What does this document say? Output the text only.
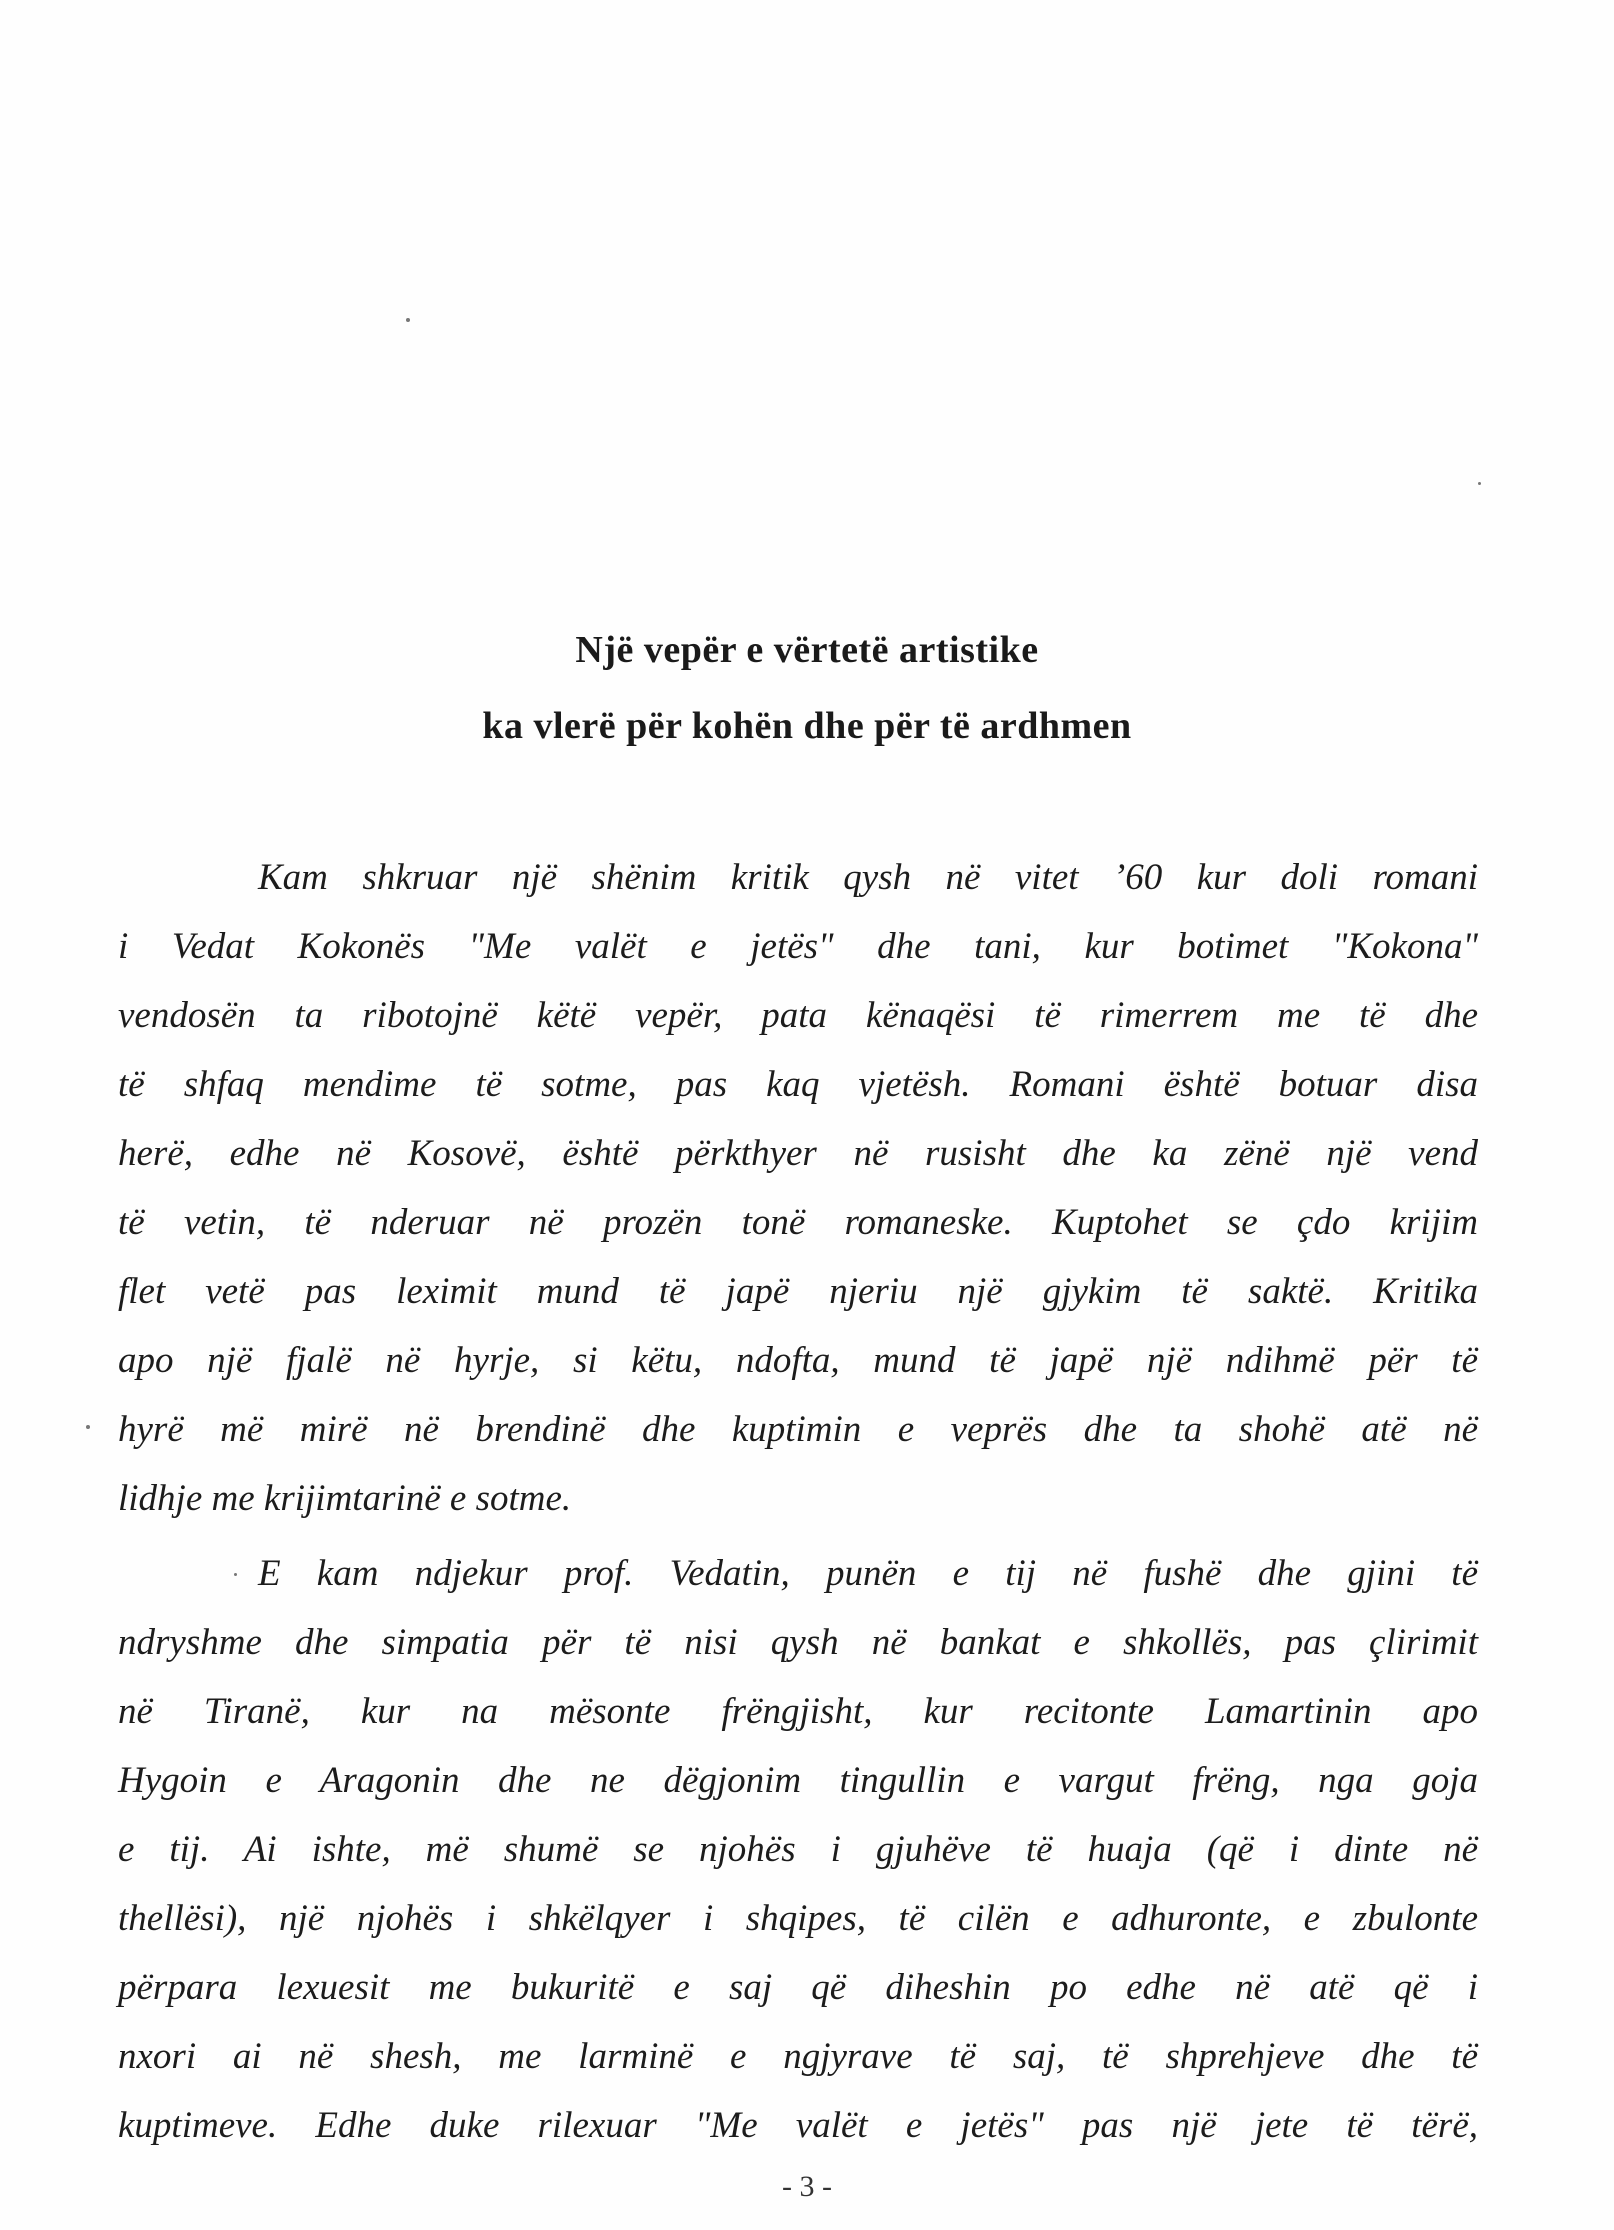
Një vepër e vërtetë artistike
ka vlerë për kohën dhe për të ardhmen
Kam shkruar një shënim kritik qysh në vitet ’60 kur doli romani
i Vedat Kokonës "Me valët e jetës" dhe tani, kur botimet "Kokona"
vendosën ta ribotojnë këtë vepër, pata kënaqësi të rimerrem me të dhe
të shfaq mendime të sotme, pas kaq vjetësh. Romani është botuar disa
herë, edhe në Kosovë, është përkthyer në rusisht dhe ka zënë një vend
të vetin, të nderuar në prozën tonë romaneske. Kuptohet se çdo krijim
flet vetë pas leximit mund të japë njeriu një gjykim të saktë. Kritika
apo një fjalë në hyrje, si këtu, ndofta, mund të japë një ndihmë për të
hyrë më mirë në brendinë dhe kuptimin e veprës dhe ta shohë atë në
lidhje me krijimtarinë e sotme.
E kam ndjekur prof. Vedatin, punën e tij në fushë dhe gjini të
ndryshme dhe simpatia për të nisi qysh në bankat e shkollës, pas çlirimit
në Tiranë, kur na mësonte frëngjisht, kur recitonte Lamartinin apo
Hygoin e Aragonin dhe ne dëgjonim tingullin e vargut frëng, nga goja
e tij. Ai ishte, më shumë se njohës i gjuhëve të huaja (që i dinte në
thellësi), një njohës i shkëlqyer i shqipes, të cilën e adhuronte, e zbulonte
përpara lexuesit me bukuritë e saj që diheshin po edhe në atë që i
nxori ai në shesh, me larminë e ngjyrave të saj, të shprehjeve dhe të
kuptimeve. Edhe duke rilexuar "Me valët e jetës" pas një jete të tërë,
- 3 -
